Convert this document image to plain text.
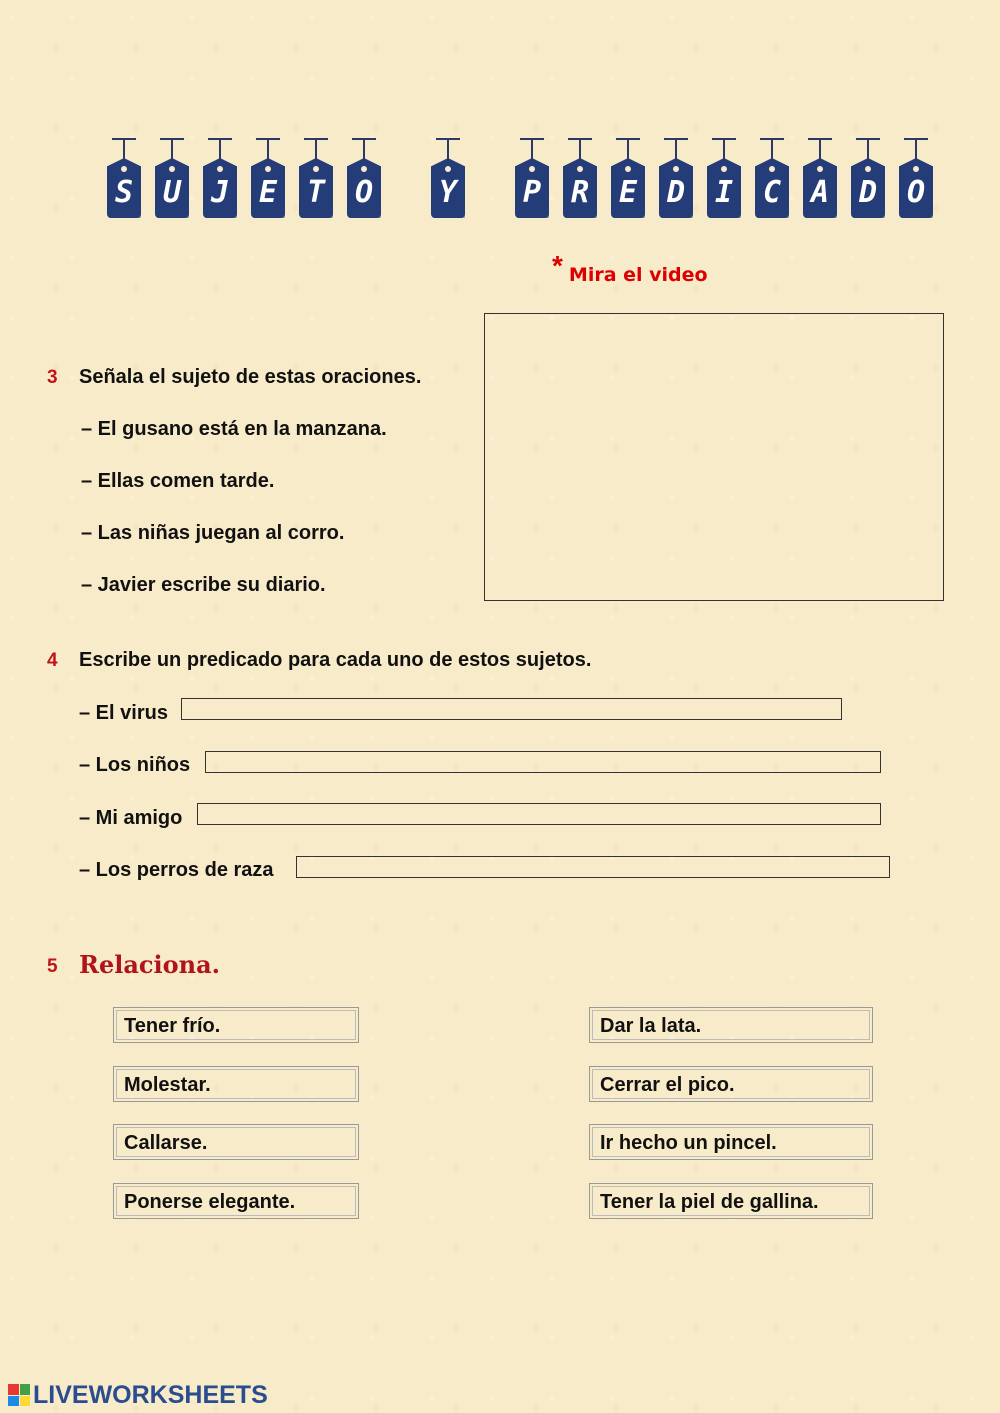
S U J E T O Y P R E D I C A D O
* Mira el video
3 Señala el sujeto de estas oraciones.
– El gusano está en la manzana.
– Ellas comen tarde.
– Las niñas juegan al corro.
– Javier escribe su diario.
4 Escribe un predicado para cada uno de estos sujetos.
– El virus
– Los niños
– Mi amigo
– Los perros de raza
5 Relaciona.
Tener frío.
Molestar.
Callarse.
Ponerse elegante.
Dar la lata.
Cerrar el pico.
Ir hecho un pincel.
Tener la piel de gallina.
LIVEWORKSHEETS
